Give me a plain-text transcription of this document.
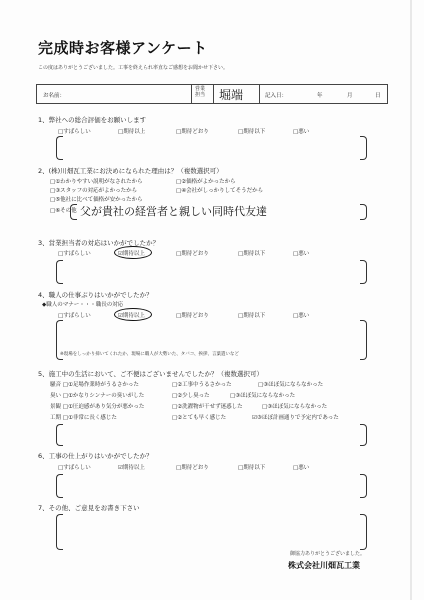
完成時お客様アンケート
この度はありがとうございました。工事を終えられ率直なご感想をお聞かせ下さい。
お名前：
営業担当	堀端	記入日：	年	月	日
1、弊社への総合評価をお願いします
□すばらしい	□期待以上	□期待どおり	□期待以下	□悪い
2、(株)川畑瓦工業にお決めになられた理由は？（複数選択可）
□①わかりやすい説明がなされたから	□②価格がよかったから
□③スタッフの対応がよかったから	□④会社がしっかりしてそうだから
□⑤他社に比べて価格が安かったから
□⑥その他 父が貴社の経営者と親しい同時代友達
3、営業担当者の対応はいかがでしたか？
□すばらしい	☑期待以上	□期待どおり	□期待以下	□悪い
4、職人の仕事ぶりはいかがでしたか？
◆職人のマナー・・・職長の対応
□すばらしい	☑期待以上	□期待どおり	□期待以下	□悪い
※現場をしっかり掃いてくれたか、現場に職人が大勢いた、タバコ、挨拶、言葉遣いなど
5、施工中の生活において、ご不便はございませんでしたか？（複数選択可）
騒音 □①足場作業時がうるさかった	□②工事中うるさかった	□③ほぼ気にならなかった
臭い □①かなりシンナーの臭いがした	□②少し臭った	□③ほぼ気にならなかった
景観 □①圧迫感があり気分が悪かった	□②洗濯物が干せず迷惑した	□③ほぼ気にならなかった
工期 □①非常に長く感じた	□②とても早く感じた	☑③ほぼ計画通りで予定内であった
6、工事の仕上がりはいかがでしたか？
□すばらしい	☑期待以上	□期待どおり	□期待以下	□悪い
7、その他、ご意見をお書き下さい
御協力ありがとうございました。
株式会社川畑瓦工業
